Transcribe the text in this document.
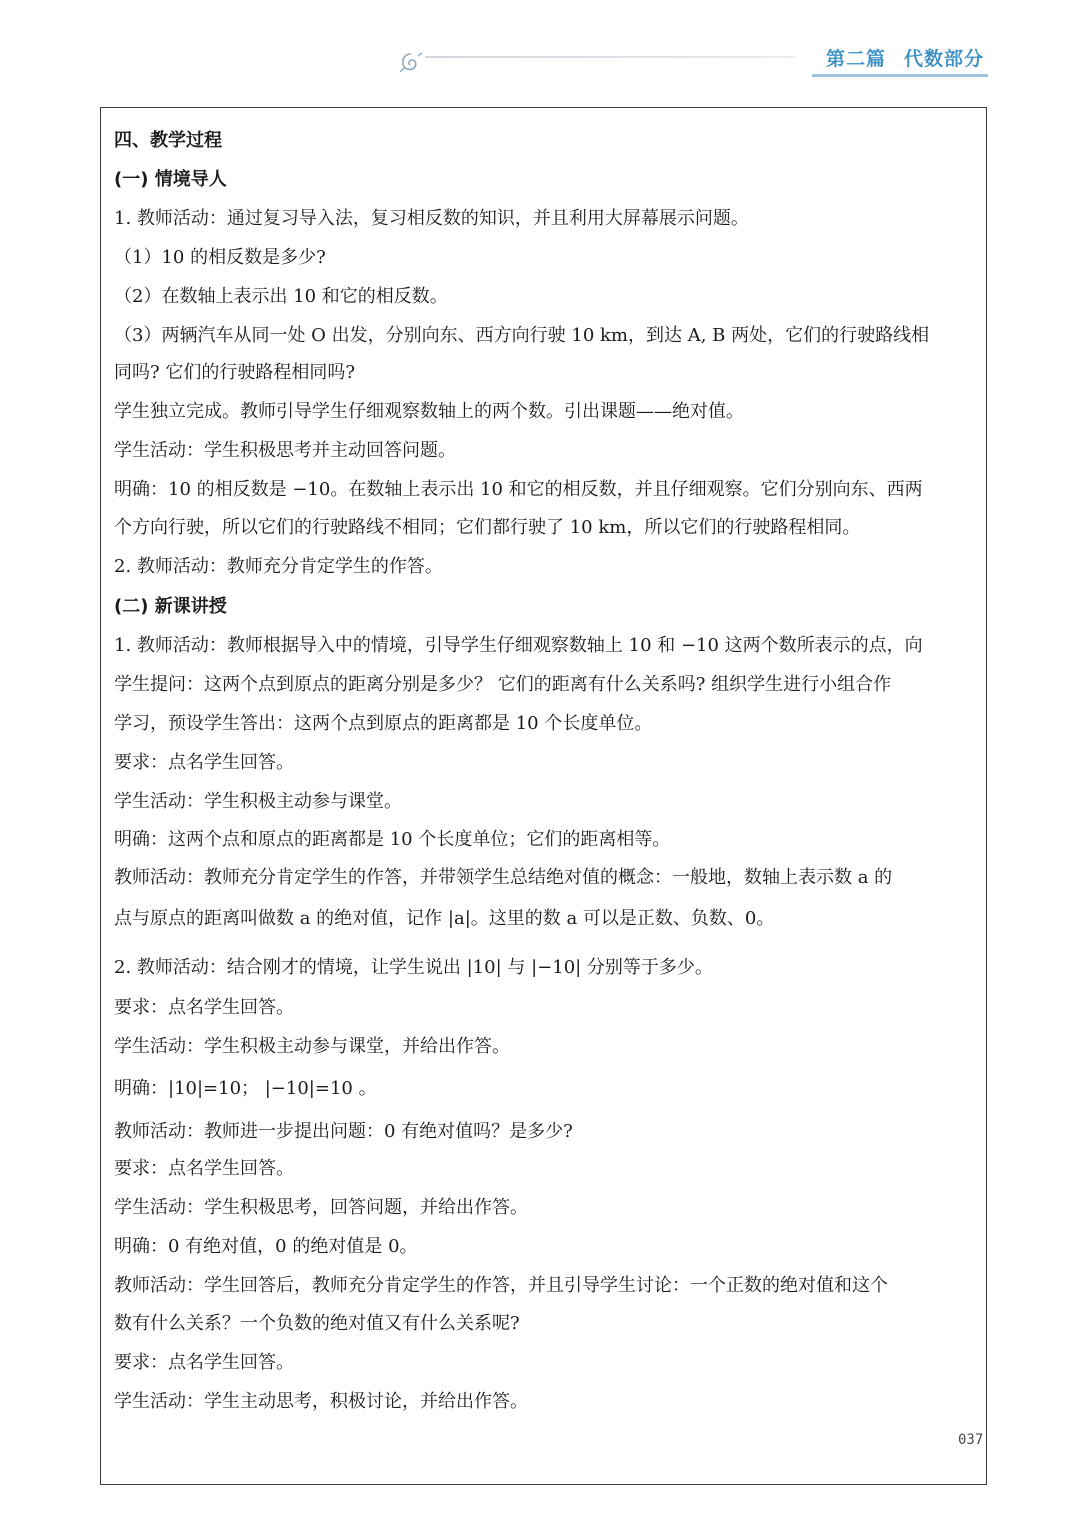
第二篇 代数部分
四、教学过程
(一) 情境导人
1. 教师活动：通过复习导入法，复习相反数的知识，并且利用大屏幕展示问题。
（1）10 的相反数是多少?
（2）在数轴上表示出 10 和它的相反数。
（3）两辆汽车从同一处 O 出发，分别向东、西方向行驶 10 km，到达 A, B 两处，它们的行驶路线相
同吗? 它们的行驶路程相同吗?
学生独立完成。教师引导学生仔细观察数轴上的两个数。引出课题——绝对值。
学生活动：学生积极思考并主动回答问题。
明确：10 的相反数是 −10。在数轴上表示出 10 和它的相反数，并且仔细观察。它们分别向东、西两
个方向行驶，所以它们的行驶路线不相同；它们都行驶了 10 km，所以它们的行驶路程相同。
2. 教师活动：教师充分肯定学生的作答。
(二) 新课讲授
1. 教师活动：教师根据导入中的情境，引导学生仔细观察数轴上 10 和 −10 这两个数所表示的点，向
学生提问：这两个点到原点的距离分别是多少？ 它们的距离有什么关系吗? 组织学生进行小组合作
学习，预设学生答出：这两个点到原点的距离都是 10 个长度单位。
要求：点名学生回答。
学生活动：学生积极主动参与课堂。
明确：这两个点和原点的距离都是 10 个长度单位；它们的距离相等。
教师活动：教师充分肯定学生的作答，并带领学生总结绝对值的概念：一般地，数轴上表示数 a 的
点与原点的距离叫做数 a 的绝对值，记作 |a|。这里的数 a 可以是正数、负数、0。
2. 教师活动：结合刚才的情境，让学生说出 |10| 与 |−10| 分别等于多少。
要求：点名学生回答。
学生活动：学生积极主动参与课堂，并给出作答。
明确：|10|=10； |−10|=10 。
教师活动：教师进一步提出问题：0 有绝对值吗？是多少?
要求：点名学生回答。
学生活动：学生积极思考，回答问题，并给出作答。
明确：0 有绝对值，0 的绝对值是 0。
教师活动：学生回答后，教师充分肯定学生的作答，并且引导学生讨论：一个正数的绝对值和这个
数有什么关系？一个负数的绝对值又有什么关系呢?
要求：点名学生回答。
学生活动：学生主动思考，积极讨论，并给出作答。
037
